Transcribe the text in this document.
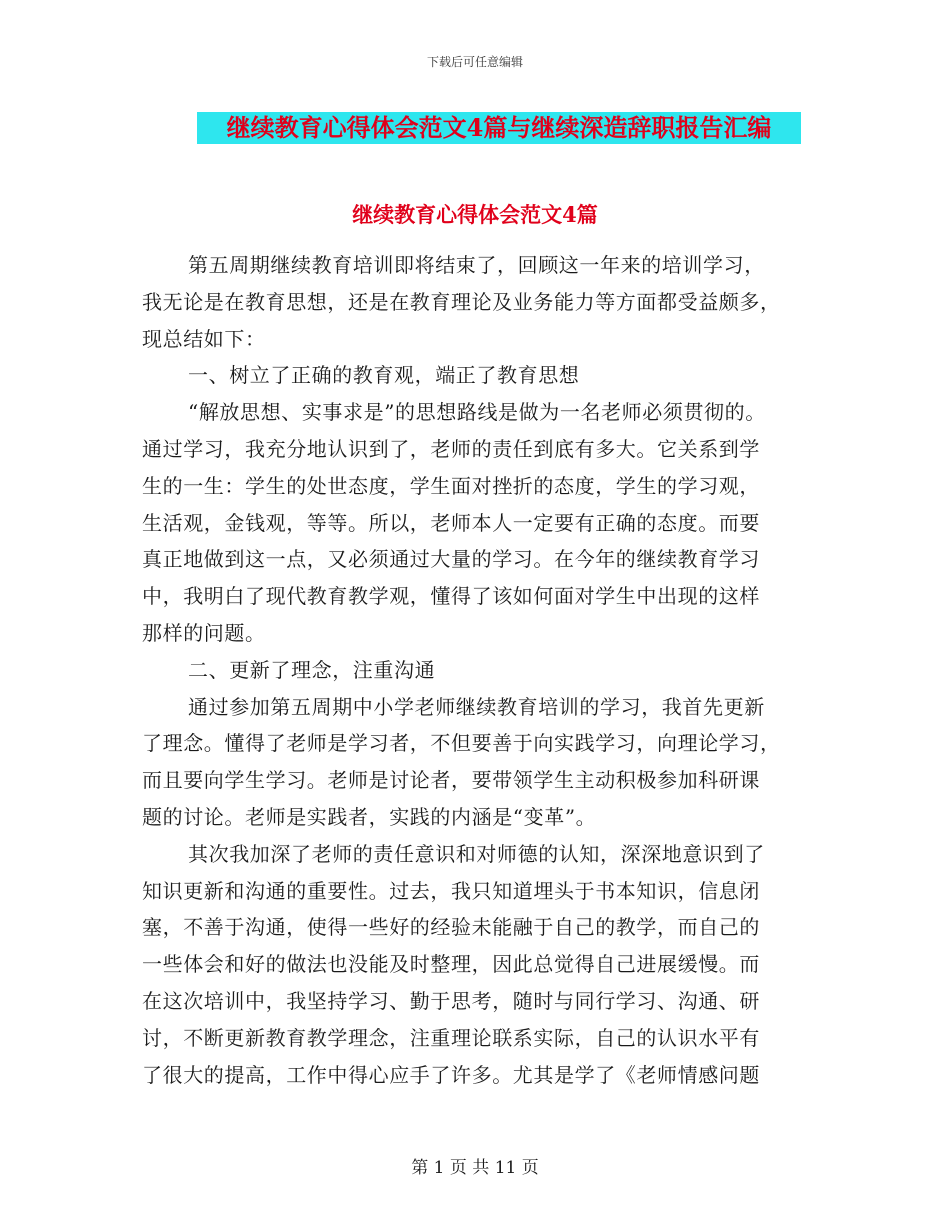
下载后可任意编辑
继续教育心得体会范文4篇与继续深造辞职报告汇编
继续教育心得体会范文4篇
第五周期继续教育培训即将结束了，回顾这一年来的培训学习，
我无论是在教育思想，还是在教育理论及业务能力等方面都受益颇多，
现总结如下：
一、树立了正确的教育观，端正了教育思想
“解放思想、实事求是”的思想路线是做为一名老师必须贯彻的。
通过学习，我充分地认识到了，老师的责任到底有多大。它关系到学
生的一生：学生的处世态度，学生面对挫折的态度，学生的学习观，
生活观，金钱观，等等。所以，老师本人一定要有正确的态度。而要
真正地做到这一点，又必须通过大量的学习。在今年的继续教育学习
中，我明白了现代教育教学观，懂得了该如何面对学生中出现的这样
那样的问题。
二、更新了理念，注重沟通
通过参加第五周期中小学老师继续教育培训的学习，我首先更新
了理念。懂得了老师是学习者，不但要善于向实践学习，向理论学习，
而且要向学生学习。老师是讨论者，要带领学生主动积极参加科研课
题的讨论。老师是实践者，实践的内涵是“变革”。
其次我加深了老师的责任意识和对师德的认知，深深地意识到了
知识更新和沟通的重要性。过去，我只知道埋头于书本知识，信息闭
塞，不善于沟通，使得一些好的经验未能融于自己的教学，而自己的
一些体会和好的做法也没能及时整理，因此总觉得自己进展缓慢。而
在这次培训中，我坚持学习、勤于思考，随时与同行学习、沟通、研
讨，不断更新教育教学理念，注重理论联系实际，自己的认识水平有
了很大的提高，工作中得心应手了许多。尤其是学了《老师情感问题
第 1 页 共 11 页
